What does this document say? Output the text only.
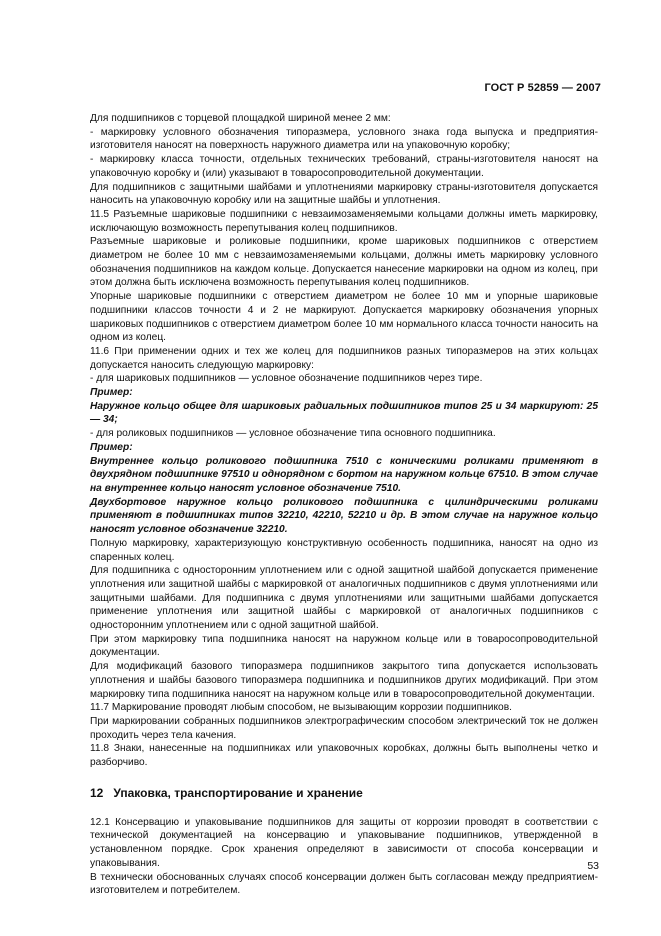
ГОСТ Р 52859 — 2007

Для подшипников с торцевой площадкой шириной менее 2 мм:

- маркировку условного обозначения типоразмера, условного знака года выпуска и предприятия-изготовителя наносят на поверхность наружного диаметра или на упаковочную коробку;

- маркировку класса точности, отдельных технических требований, страны-изготовителя наносят на упаковочную коробку и (или) указывают в товаросопроводительной документации.

Для подшипников с защитными шайбами и уплотнениями маркировку страны-изготовителя допускается наносить на упаковочную коробку или на защитные шайбы и уплотнения.

11.5 Разъемные шариковые подшипники с невзаимозаменяемыми кольцами должны иметь маркировку, исключающую возможность перепутывания колец подшипников.

Разъемные шариковые и роликовые подшипники, кроме шариковых подшипников с отверстием диаметром не более 10 мм с невзаимозаменяемыми кольцами, должны иметь маркировку условного обозначения подшипников на каждом кольце. Допускается нанесение маркировки на одном из колец, при этом должна быть исключена возможность перепутывания колец подшипников.

Упорные шариковые подшипники с отверстием диаметром не более 10 мм и упорные шариковые подшипники классов точности 4 и 2 не маркируют. Допускается маркировку обозначения упорных шариковых подшипников с отверстием диаметром более 10 мм нормального класса точности наносить на одном из колец.

11.6 При применении одних и тех же колец для подшипников разных типоразмеров на этих кольцах допускается наносить следующую маркировку:

- для шариковых подшипников — условное обозначение подшипников через тире.

Пример:

Наружное кольцо общее для шариковых радиальных подшипников типов 25 и 34 маркируют: 25 — 34;

- для роликовых подшипников — условное обозначение типа основного подшипника.

Пример:

Внутреннее кольцо роликового подшипника 7510 с коническими роликами применяют в двухрядном подшипнике 97510 и однорядном с бортом на наружном кольце 67510. В этом случае на внутреннее кольцо наносят условное обозначение 7510.

Двухбортовое наружное кольцо роликового подшипника с цилиндрическими роликами применяют в подшипниках типов 32210, 42210, 52210 и др. В этом случае на наружное кольцо наносят условное обозначение 32210.

Полную маркировку, характеризующую конструктивную особенность подшипника, наносят на одно из спаренных колец.

Для подшипника с односторонним уплотнением или с одной защитной шайбой допускается применение уплотнения или защитной шайбы с маркировкой от аналогичных подшипников с двумя уплотнениями или защитными шайбами. Для подшипника с двумя уплотнениями или защитными шайбами допускается применение уплотнения или защитной шайбы с маркировкой от аналогичных подшипников с односторонним уплотнением или с одной защитной шайбой.

При этом маркировку типа подшипника наносят на наружном кольце или в товаросопроводительной документации.

Для модификаций базового типоразмера подшипников закрытого типа допускается использовать уплотнения и шайбы базового типоразмера подшипника и подшипников других модификаций. При этом маркировку типа подшипника наносят на наружном кольце или в товаросопроводительной документации.

11.7 Маркирование проводят любым способом, не вызывающим коррозии подшипников.

При маркировании собранных подшипников электрографическим способом электрический ток не должен проходить через тела качения.

11.8 Знаки, нанесенные на подшипниках или упаковочных коробках, должны быть выполнены четко и разборчиво.

12 Упаковка, транспортирование и хранение

12.1 Консервацию и упаковывание подшипников для защиты от коррозии проводят в соответствии с технической документацией на консервацию и упаковывание подшипников, утвержденной в установленном порядке. Срок хранения определяют в зависимости от способа консервации и упаковывания.

В технически обоснованных случаях способ консервации должен быть согласован между предприятием-изготовителем и потребителем.

53
